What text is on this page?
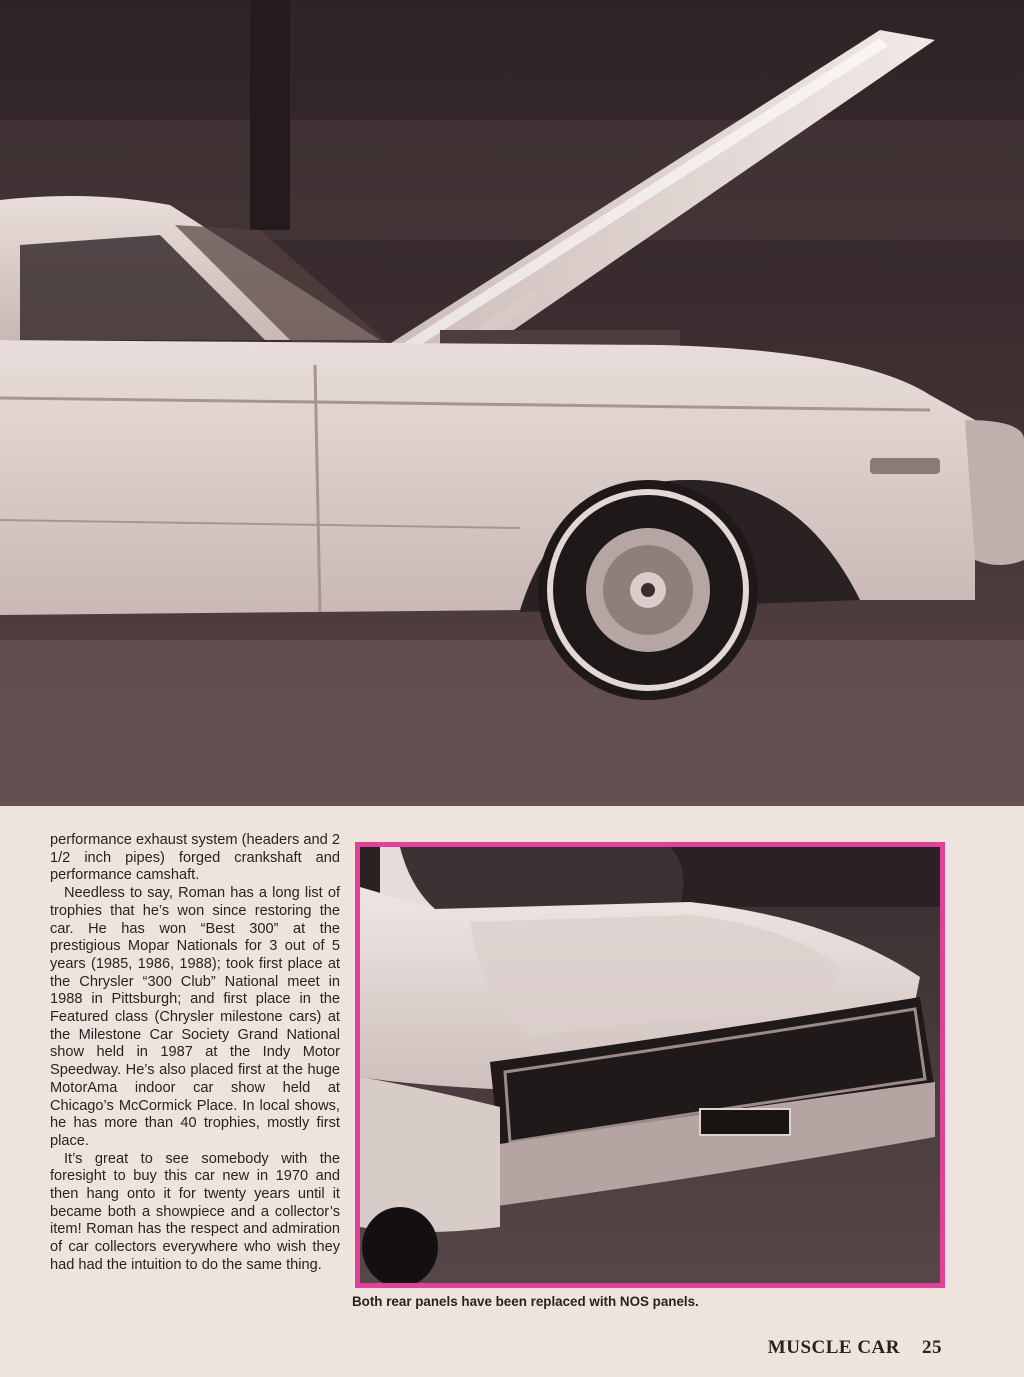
performance exhaust system (headers and 2 1/2 inch pipes) forged crankshaft and performance camshaft.

Needless to say, Roman has a long list of trophies that he’s won since restoring the car. He has won “Best 300” at the prestigious Mopar Nationals for 3 out of 5 years (1985, 1986, 1988); took first place at the Chrysler “300 Club” National meet in 1988 in Pittsburgh; and first place in the Featured class (Chrysler milestone cars) at the Milestone Car Society Grand National show held in 1987 at the Indy Motor Speedway. He’s also placed first at the huge MotorAma indoor car show held at Chicago’s McCormick Place. In local shows, he has more than 40 trophies, mostly first place.

It’s great to see somebody with the foresight to buy this car new in 1970 and then hang onto it for twenty years until it became both a showpiece and a collector’s item! Roman has the respect and admiration of car collectors everywhere who wish they had had the intuition to do the same thing.

Both rear panels have been replaced with NOS panels.
MUSCLE CAR 25
